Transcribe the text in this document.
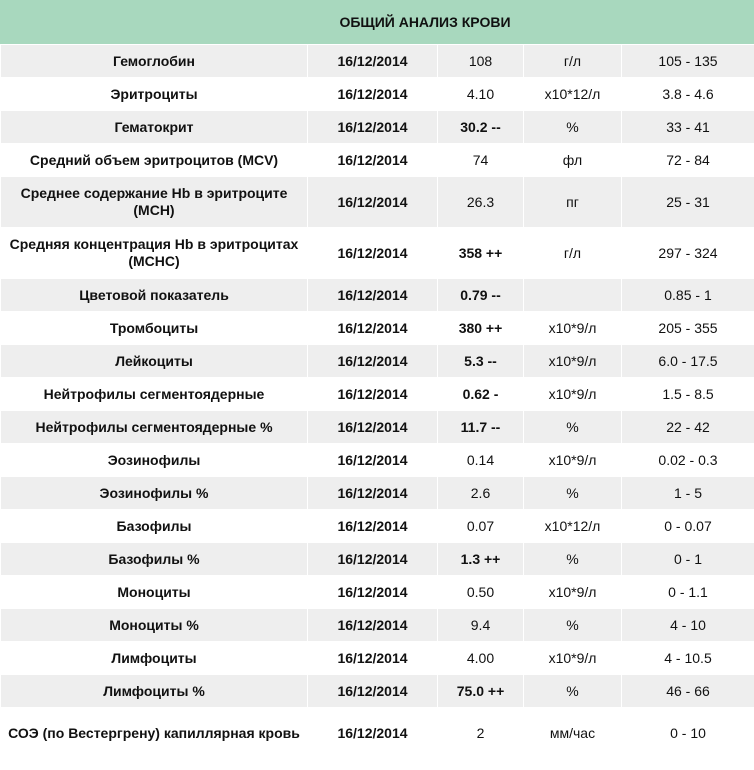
ОБЩИЙ АНАЛИЗ КРОВИ
Гемоглобин	16/12/2014	108	г/л	105 - 135
Эритроциты	16/12/2014	4.10	x10*12/л	3.8 - 4.6
Гематокрит	16/12/2014	30.2 --	%	33 - 41
Средний объем эритроцитов (MCV)	16/12/2014	74	фл	72 - 84
Среднее содержание Hb в эритроците (MCH)	16/12/2014	26.3	пг	25 - 31
Средняя концентрация Hb в эритроцитах (MCHC)	16/12/2014	358 ++	г/л	297 - 324
Цветовой показатель	16/12/2014	0.79 --		0.85 - 1
Тромбоциты	16/12/2014	380 ++	x10*9/л	205 - 355
Лейкоциты	16/12/2014	5.3 --	x10*9/л	6.0 - 17.5
Нейтрофилы сегментоядерные	16/12/2014	0.62 -	x10*9/л	1.5 - 8.5
Нейтрофилы сегментоядерные %	16/12/2014	11.7 --	%	22 - 42
Эозинофилы	16/12/2014	0.14	x10*9/л	0.02 - 0.3
Эозинофилы %	16/12/2014	2.6	%	1 - 5
Базофилы	16/12/2014	0.07	x10*12/л	0 - 0.07
Базофилы %	16/12/2014	1.3 ++	%	0 - 1
Моноциты	16/12/2014	0.50	x10*9/л	0 - 1.1
Моноциты %	16/12/2014	9.4	%	4 - 10
Лимфоциты	16/12/2014	4.00	x10*9/л	4 - 10.5
Лимфоциты %	16/12/2014	75.0 ++	%	46 - 66
СОЭ (по Вестергрену) капиллярная кровь	16/12/2014	2	мм/час	0 - 10
